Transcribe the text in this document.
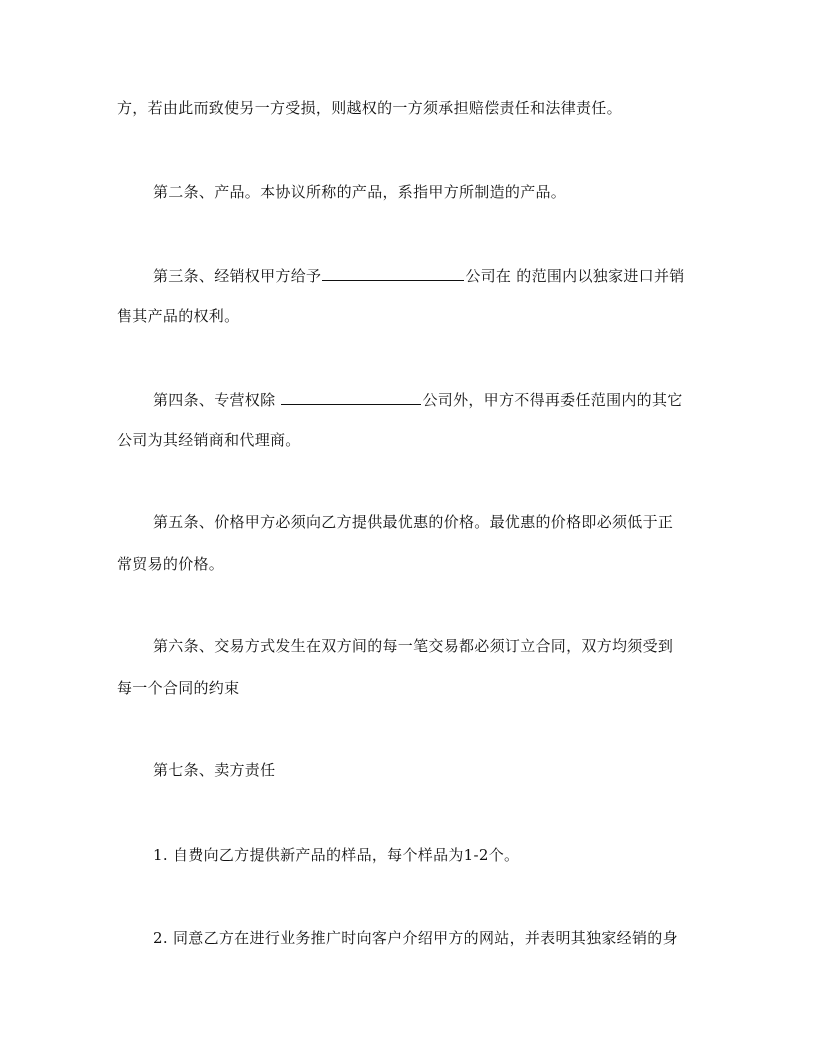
方，若由此而致使另一方受损，则越权的一方须承担赔偿责任和法律责任。
第二条、产品。本协议所称的产品，系指甲方所制造的产品。
第三条、经销权甲方给予	公司在 的范围内以独家进口并销
售其产品的权利。
第四条、专营权除	公司外，甲方不得再委任范围内的其它
公司为其经销商和代理商。
第五条、价格甲方必须向乙方提供最优惠的价格。最优惠的价格即必须低于正
常贸易的价格。
第六条、交易方式发生在双方间的每一笔交易都必须订立合同，双方均须受到
每一个合同的约束
第七条、卖方责任
1. 自费向乙方提供新产品的样品，每个样品为1-2个。
2. 同意乙方在进行业务推广时向客户介绍甲方的网站，并表明其独家经销的身
